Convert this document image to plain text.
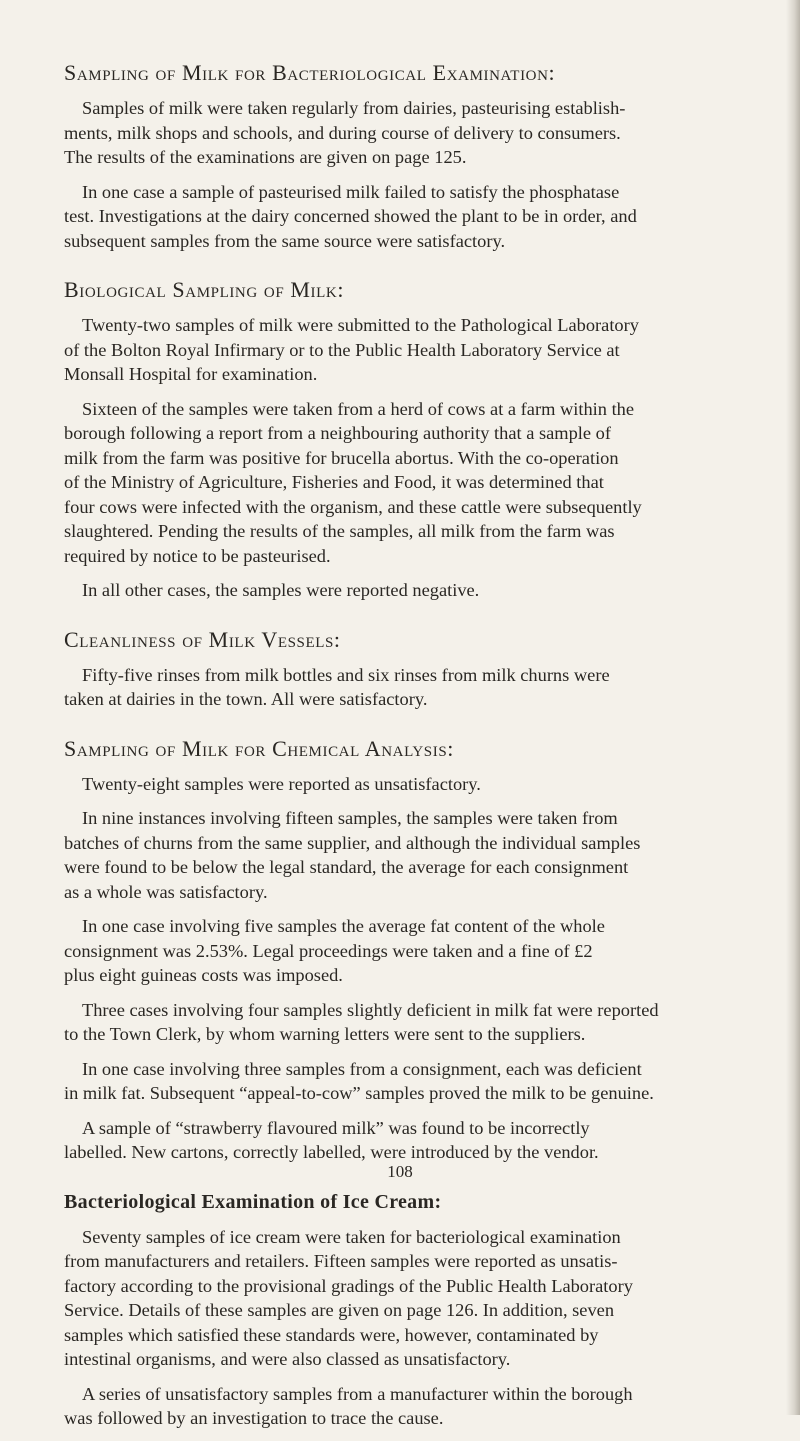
Sampling of Milk for Bacteriological Examination:

Samples of milk were taken regularly from dairies, pasteurising establish-
ments, milk shops and schools, and during course of delivery to consumers.
The results of the examinations are given on page 125.

In one case a sample of pasteurised milk failed to satisfy the phosphatase
test. Investigations at the dairy concerned showed the plant to be in order, and
subsequent samples from the same source were satisfactory.

Biological Sampling of Milk:

Twenty-two samples of milk were submitted to the Pathological Laboratory
of the Bolton Royal Infirmary or to the Public Health Laboratory Service at
Monsall Hospital for examination.

Sixteen of the samples were taken from a herd of cows at a farm within the
borough following a report from a neighbouring authority that a sample of
milk from the farm was positive for brucella abortus. With the co-operation
of the Ministry of Agriculture, Fisheries and Food, it was determined that
four cows were infected with the organism, and these cattle were subsequently
slaughtered. Pending the results of the samples, all milk from the farm was
required by notice to be pasteurised.

In all other cases, the samples were reported negative.

Cleanliness of Milk Vessels:

Fifty-five rinses from milk bottles and six rinses from milk churns were
taken at dairies in the town. All were satisfactory.

Sampling of Milk for Chemical Analysis:

Twenty-eight samples were reported as unsatisfactory.

In nine instances involving fifteen samples, the samples were taken from
batches of churns from the same supplier, and although the individual samples
were found to be below the legal standard, the average for each consignment
as a whole was satisfactory.

In one case involving five samples the average fat content of the whole
consignment was 2.53%. Legal proceedings were taken and a fine of £2
plus eight guineas costs was imposed.

Three cases involving four samples slightly deficient in milk fat were reported
to the Town Clerk, by whom warning letters were sent to the suppliers.

In one case involving three samples from a consignment, each was deficient
in milk fat. Subsequent “appeal-to-cow” samples proved the milk to be genuine.

A sample of “strawberry flavoured milk” was found to be incorrectly
labelled. New cartons, correctly labelled, were introduced by the vendor.

Bacteriological Examination of Ice Cream:

Seventy samples of ice cream were taken for bacteriological examination
from manufacturers and retailers. Fifteen samples were reported as unsatis-
factory according to the provisional gradings of the Public Health Laboratory
Service. Details of these samples are given on page 126. In addition, seven
samples which satisfied these standards were, however, contaminated by
intestinal organisms, and were also classed as unsatisfactory.

A series of unsatisfactory samples from a manufacturer within the borough
was followed by an investigation to trace the cause.

108
